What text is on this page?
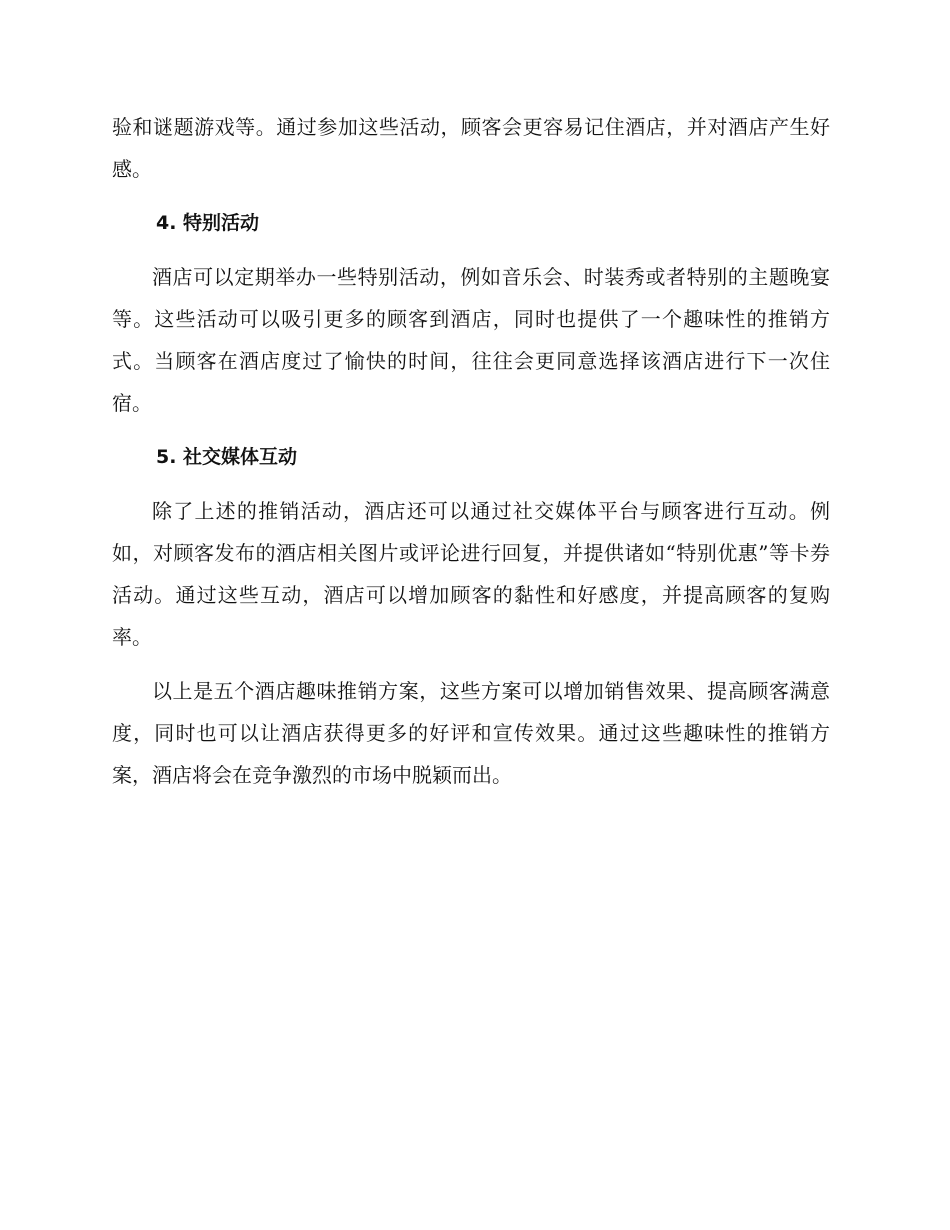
验和谜题游戏等。通过参加这些活动，顾客会更容易记住酒店，并对酒店产生好感。

4. 特别活动

酒店可以定期举办一些特别活动，例如音乐会、时装秀或者特别的主题晚宴等。这些活动可以吸引更多的顾客到酒店，同时也提供了一个趣味性的推销方式。当顾客在酒店度过了愉快的时间，往往会更同意选择该酒店进行下一次住宿。

5. 社交媒体互动

除了上述的推销活动，酒店还可以通过社交媒体平台与顾客进行互动。例如，对顾客发布的酒店相关图片或评论进行回复，并提供诸如“特别优惠”等卡券活动。通过这些互动，酒店可以增加顾客的黏性和好感度，并提高顾客的复购率。

以上是五个酒店趣味推销方案，这些方案可以增加销售效果、提高顾客满意度，同时也可以让酒店获得更多的好评和宣传效果。通过这些趣味性的推销方案，酒店将会在竞争激烈的市场中脱颖而出。
